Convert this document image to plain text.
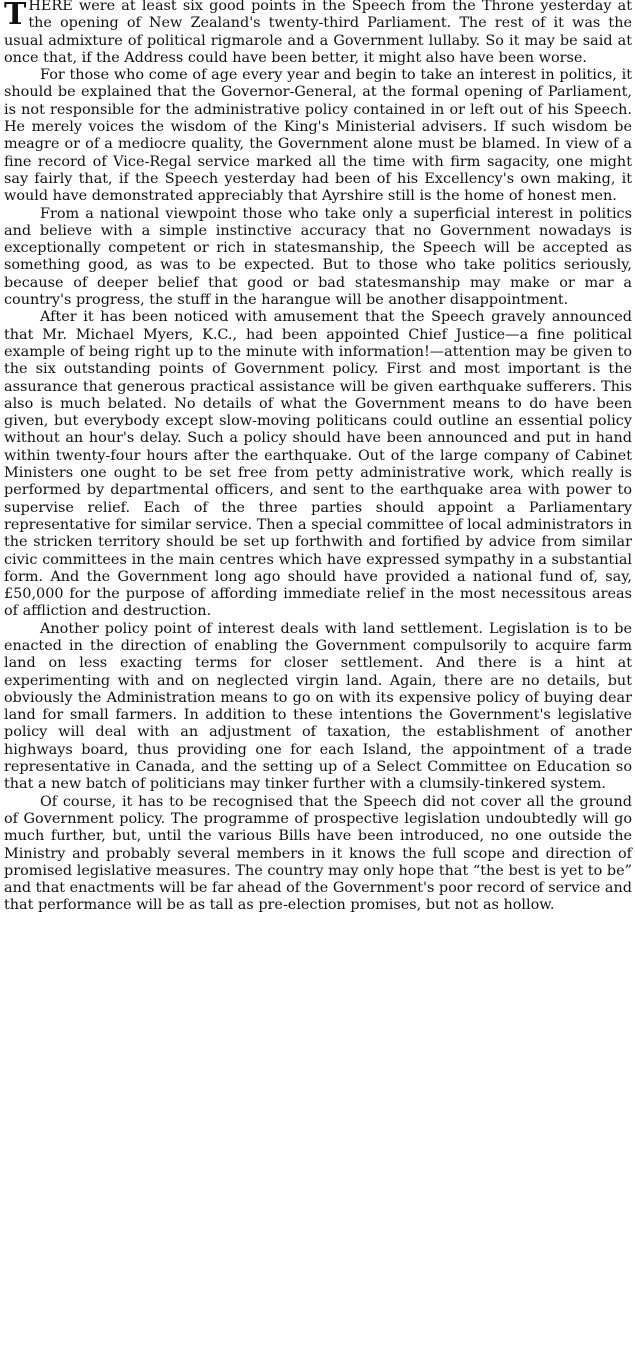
THERE were at least six good points in the Speech from the Throne yesterday at the opening of New Zealand's twenty-third Parliament. The rest of it was the usual admixture of political rigmarole and a Government lullaby. So it may be said at once that, if the Address could have been better, it might also have been worse.

For those who come of age every year and begin to take an interest in politics, it should be explained that the Governor-General, at the formal opening of Parliament, is not responsible for the administrative policy contained in or left out of his Speech. He merely voices the wisdom of the King's Ministerial advisers. If such wisdom be meagre or of a mediocre quality, the Government alone must be blamed. In view of a fine record of Vice-Regal service marked all the time with firm sagacity, one might say fairly that, if the Speech yesterday had been of his Excellency's own making, it would have demonstrated appreciably that Ayrshire still is the home of honest men.

From a national viewpoint those who take only a superficial interest in politics and believe with a simple instinctive accuracy that no Government nowadays is exceptionally competent or rich in statesmanship, the Speech will be accepted as something good, as was to be expected. But to those who take politics seriously, because of deeper belief that good or bad statesmanship may make or mar a country's progress, the stuff in the harangue will be another disappointment.

After it has been noticed with amusement that the Speech gravely announced that Mr. Michael Myers, K.C., had been appointed Chief Justice—a fine political example of being right up to the minute with information!—attention may be given to the six outstanding points of Government policy. First and most important is the assurance that generous practical assistance will be given earthquake sufferers. This also is much belated. No details of what the Government means to do have been given, but everybody except slow-moving politicans could outline an essential policy without an hour's delay. Such a policy should have been announced and put in hand within twenty-four hours after the earthquake. Out of the large company of Cabinet Ministers one ought to be set free from petty administrative work, which really is performed by departmental officers, and sent to the earthquake area with power to supervise relief. Each of the three parties should appoint a Parliamentary representative for similar service. Then a special committee of local administrators in the stricken territory should be set up forthwith and fortified by advice from similar civic committees in the main centres which have expressed sympathy in a substantial form. And the Government long ago should have provided a national fund of, say, £50,000 for the purpose of affording immediate relief in the most necessitous areas of affliction and destruction.

Another policy point of interest deals with land settlement. Legislation is to be enacted in the direction of enabling the Government compulsorily to acquire farm land on less exacting terms for closer settlement. And there is a hint at experimenting with and on neglected virgin land. Again, there are no details, but obviously the Administration means to go on with its expensive policy of buying dear land for small farmers. In addition to these intentions the Government's legislative policy will deal with an adjustment of taxation, the establishment of another highways board, thus providing one for each Island, the appointment of a trade representative in Canada, and the setting up of a Select Committee on Education so that a new batch of politicians may tinker further with a clumsily-tinkered system.

Of course, it has to be recognised that the Speech did not cover all the ground of Government policy. The programme of prospective legislation undoubtedly will go much further, but, until the various Bills have been introduced, no one outside the Ministry and probably several members in it knows the full scope and direction of promised legislative measures. The country may only hope that “the best is yet to be” and that enactments will be far ahead of the Government's poor record of service and that performance will be as tall as pre-election promises, but not as hollow.
